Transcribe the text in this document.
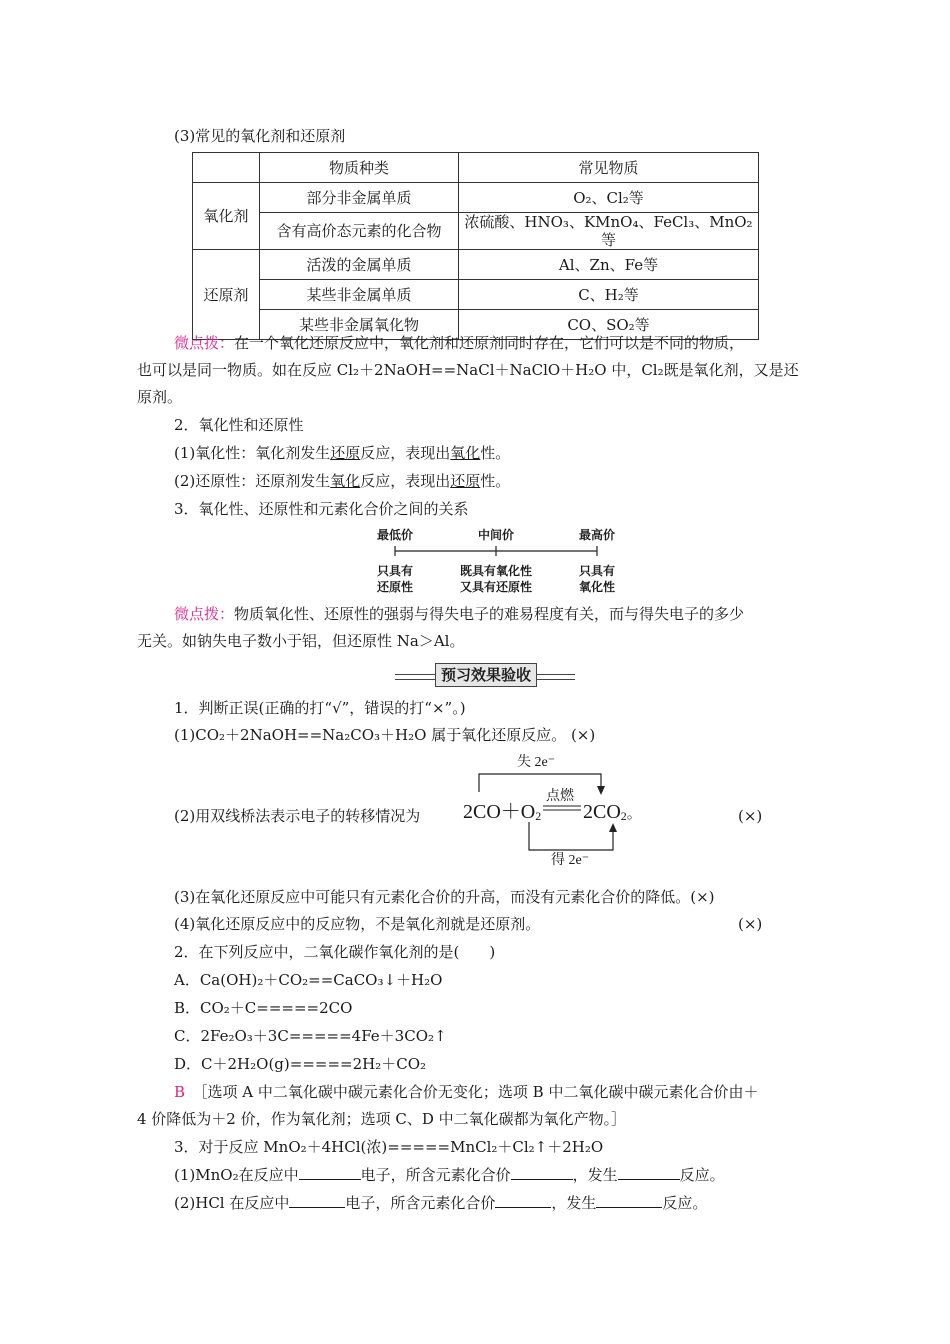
(3)常见的氧化剂和还原剂
	物质种类	常见物质
氧化剂	部分非金属单质	O₂、Cl₂等
	含有高价态元素的化合物	浓硫酸、HNO₃、KMnO₄、FeCl₃、MnO₂等
还原剂	活泼的金属单质	Al、Zn、Fe等
	某些非金属单质	C、H₂等
	某些非金属氧化物	CO、SO₂等
微点拨：在一个氧化还原反应中，氧化剂和还原剂同时存在，它们可以是不同的物质，
也可以是同一物质。如在反应 Cl₂＋2NaOH==NaCl＋NaClO＋H₂O 中，Cl₂既是氧化剂，又是还
原剂。
2．氧化性和还原性
(1)氧化性：氧化剂发生还原反应，表现出氧化性。
(2)还原性：还原剂发生氧化反应，表现出还原性。
3．氧化性、还原性和元素化合价之间的关系
最低价	中间价	最高价
只具有
还原性
既具有氧化性
又具有还原性
只具有
氧化性
微点拨：物质氧化性、还原性的强弱与得失电子的难易程度有关，而与得失电子的多少
无关。如钠失电子数小于铝，但还原性 Na＞Al。
预习效果验收
1．判断正误(正确的打“√”，错误的打“×”。)
(1)CO₂＋2NaOH==Na₂CO₃＋H₂O 属于氧化还原反应。 (×)
(2)用双线桥法表示电子的转移情况为	(×)
失 2e⁻
点燃
$2CO+O_2$ $2CO_2$。
得 2e⁻
(3)在氧化还原反应中可能只有元素化合价的升高，而没有元素化合价的降低。(×)
(4)氧化还原反应中的反应物，不是氧化剂就是还原剂。	(×)
2．在下列反应中，二氧化碳作氧化剂的是(　　)
A．Ca(OH)₂＋CO₂==CaCO₃↓＋H₂O
B．CO₂＋C=====2CO
C．2Fe₂O₃＋3C=====4Fe＋3CO₂↑
D．C＋2H₂O(g)=====2H₂＋CO₂
B  ［选项 A 中二氧化碳中碳元素化合价无变化；选项 B 中二氧化碳中碳元素化合价由＋
4 价降低为＋2 价，作为氧化剂；选项 C、D 中二氧化碳都为氧化产物。］
3．对于反应 MnO₂＋4HCl(浓)=====MnCl₂＋Cl₂↑＋2H₂O
(1)MnO₂在反应中	电子，所含元素化合价	，发生	反应。
(2)HCl 在反应中	电子，所含元素化合价	，发生	反应。
